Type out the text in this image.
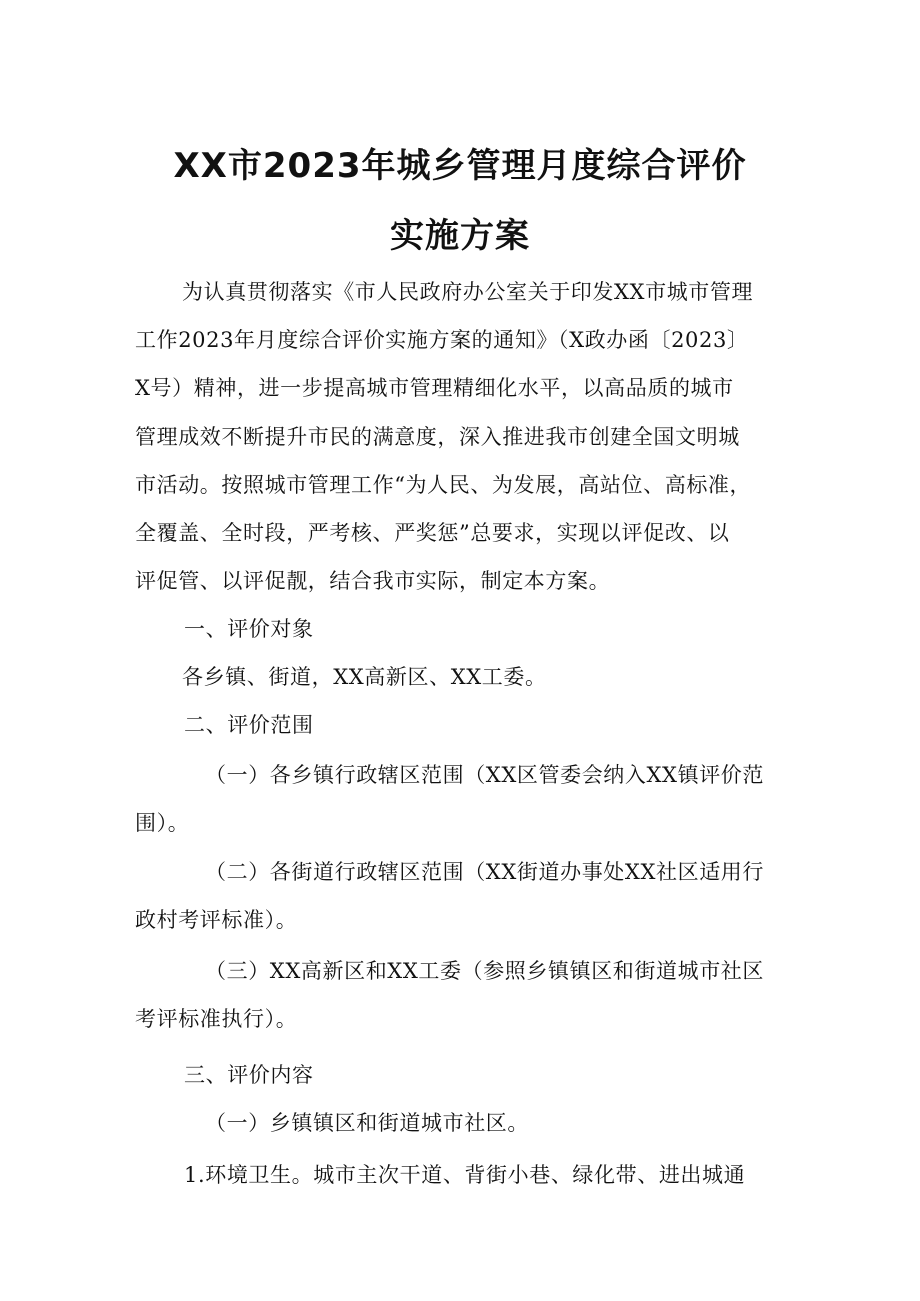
XX市2023年城乡管理月度综合评价
实施方案
为认真贯彻落实《市人民政府办公室关于印发XX市城市管理
工作2023年月度综合评价实施方案的通知》（X政办函〔2023〕
X号）精神，进一步提高城市管理精细化水平，以高品质的城市
管理成效不断提升市民的满意度，深入推进我市创建全国文明城
市活动。按照城市管理工作“为人民、为发展，高站位、高标准，
全覆盖、全时段，严考核、严奖惩”总要求，实现以评促改、以
评促管、以评促靓，结合我市实际，制定本方案。
一、评价对象
各乡镇、街道，XX高新区、XX工委。
二、评价范围
（一）各乡镇行政辖区范围（XX区管委会纳入XX镇评价范
围）。
（二）各街道行政辖区范围（XX街道办事处XX社区适用行
政村考评标准）。
（三）XX高新区和XX工委（参照乡镇镇区和街道城市社区
考评标准执行）。
三、评价内容
（一）乡镇镇区和街道城市社区。
1.环境卫生。城市主次干道、背街小巷、绿化带、进出城通
